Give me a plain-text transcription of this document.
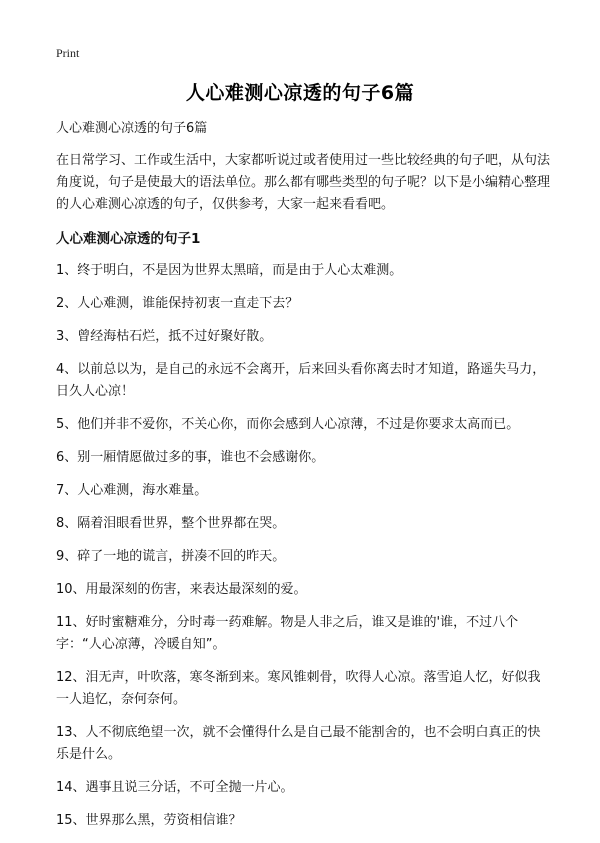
Print
人心难测心凉透的句子6篇

人心难测心凉透的句子6篇

在日常学习、工作或生活中，大家都听说过或者使用过一些比较经典的句子吧，从句法角度说，句子是使最大的语法单位。那么都有哪些类型的句子呢？以下是小编精心整理的人心难测心凉透的句子，仅供参考，大家一起来看看吧。

人心难测心凉透的句子1

1、终于明白，不是因为世界太黑暗，而是由于人心太难测。

2、人心难测，谁能保持初衷一直走下去？

3、曾经海枯石烂，抵不过好聚好散。

4、以前总以为，是自己的永远不会离开，后来回头看你离去时才知道，路遥失马力，日久人心凉！

5、他们并非不爱你，不关心你，而你会感到人心凉薄，不过是你要求太高而已。

6、别一厢情愿做过多的事，谁也不会感谢你。

7、人心难测，海水难量。

8、隔着泪眼看世界，整个世界都在哭。

9、碎了一地的谎言，拼凑不回的昨天。

10、用最深刻的伤害，来表达最深刻的爱。

11、好时蜜糖难分，分时毒一药难解。物是人非之后，谁又是谁的'谁，不过八个字：“人心凉薄，冷暖自知”。

12、泪无声，叶吹落，寒冬渐到来。寒风锥刺骨，吹得人心凉。落雪追人忆，好似我一人追忆，奈何奈何。

13、人不彻底绝望一次，就不会懂得什么是自己最不能割舍的，也不会明白真正的快乐是什么。

14、遇事且说三分话，不可全抛一片心。

15、世界那么黑，劳资相信谁？
